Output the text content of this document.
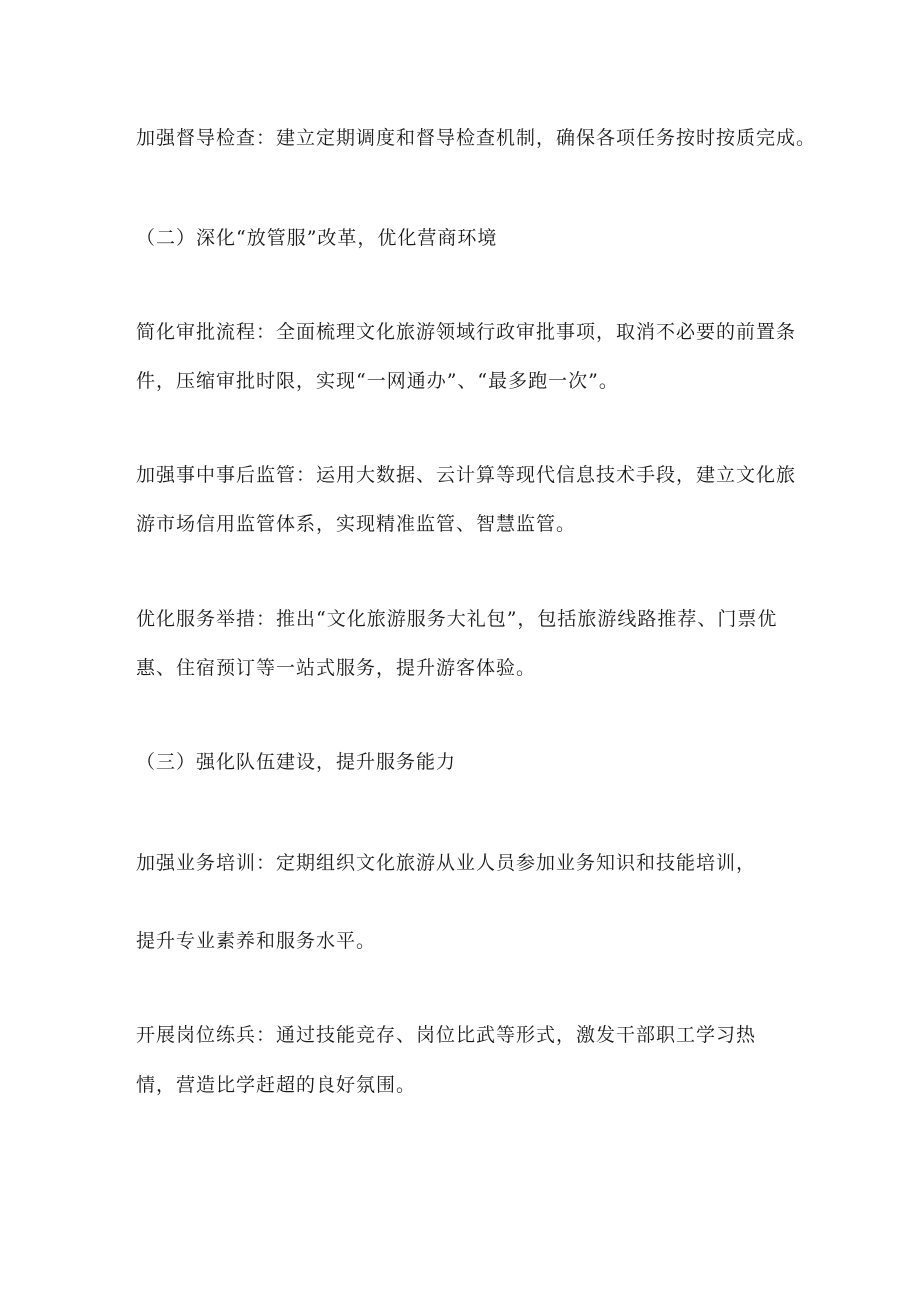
加强督导检查：建立定期调度和督导检查机制，确保各项任务按时按质完成。
（二）深化“放管服”改革，优化营商环境
简化审批流程：全面梳理文化旅游领域行政审批事项，取消不必要的前置条
件，压缩审批时限，实现“一网通办”、“最多跑一次”。
加强事中事后监管：运用大数据、云计算等现代信息技术手段，建立文化旅
游市场信用监管体系，实现精准监管、智慧监管。
优化服务举措：推出“文化旅游服务大礼包”，包括旅游线路推荐、门票优
惠、住宿预订等一站式服务，提升游客体验。
（三）强化队伍建设，提升服务能力
加强业务培训：定期组织文化旅游从业人员参加业务知识和技能培训，
提升专业素养和服务水平。
开展岗位练兵：通过技能竞存、岗位比武等形式，激发干部职工学习热
情，营造比学赶超的良好氛围。
